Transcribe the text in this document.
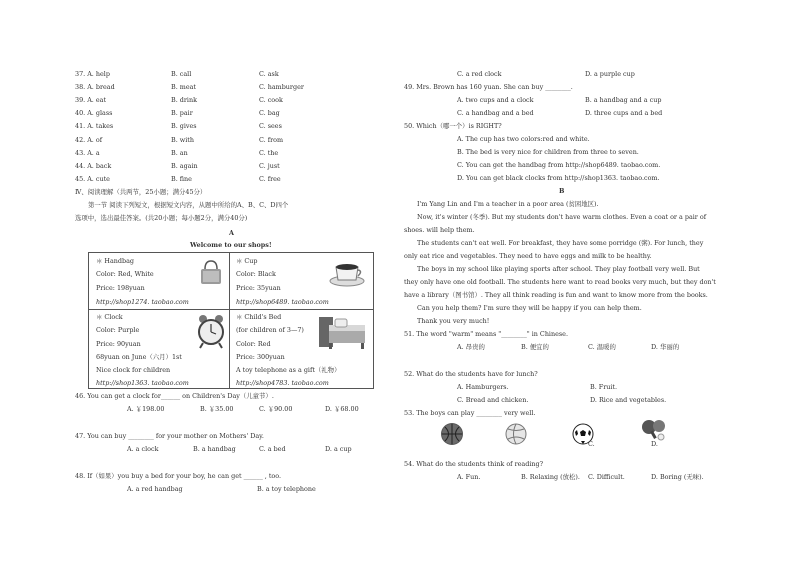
37. A. help	B. call	C. ask
38. A. bread	B. meat	C. hamburger
39. A. eat	B. drink	C. cook
40. A. glass	B. pair	C. bag
41. A. takes	B. gives	C. sees
42. A. of	B. with	C. from
43. A. a	B. an	C. the
44. A. back	B. again	C. just
45. A. cute	B. fine	C. free
Ⅳ、阅读理解（共两节，25小题；满分45分）
第一节 阅读下列短文，根据短文内容，从题中所给的A、B、C、D四个
选项中，选出最佳答案。(共20小题；每小题2分，满分40分)
A
Welcome to our shops!
＊ Handbag
Color: Red, White
Price: 198yuan
http://shop1274. taobao.com
＊ Cup
Color: Black
Price: 35yuan
http://shop6489. taobao.com
＊ Clock
Color: Purple
Price: 90yuan
68yuan on June（六月）1st
Nice clock for children
http://shop1363. taobao.com
＊ Child's Bed
(for children of 3—7)
Color: Red
Price: 300yuan
A toy telephone as a gift（礼物）
http://shop4783. taobao.com
46. You can get a clock for______ on Children's Day（儿童节）.
A. ￥198.00	B. ￥35.00	C. ￥90.00	D. ￥68.00
47. You can buy ________ for your mother on Mothers' Day.
A. a clock	B. a handbag	C. a bed	D. a cup
48. If（如果）you buy a bed for your boy, he can get ______ , too.
A. a red handbag	B. a toy telephone
C. a red clock	D. a purple cup
49. Mrs. Brown has 160 yuan. She can buy ________.
A. two cups and a clock	B. a handbag and a cup
C. a handbag and a bed	D. three cups and a bed
50. Which（哪一个）is RIGHT?
A. The cup has two colors:red and white.
B. The bed is very nice for children from three to seven.
C. You can get the handbag from http://shop6489. taobao.com.
D. You can get black clocks from http://shop1363. taobao.com.
B
I'm Yang Lin and I'm a teacher in a poor area (贫困地区).
Now, it's winter (冬季). But my students don't have warm clothes. Even a coat or a pair of
shoes. will help them.
The students can't eat well. For breakfast, they have some porridge (粥). For lunch, they
only eat rice and vegetables. They need to have eggs and milk to be healthy.
The boys in my school like playing sports after school. They play football very well. But
they only have one old football. The students here want to read books very much, but they don't
have a library（图书馆）. They all think reading is fun and want to know more from the books.
Can you help them? I'm sure they will be happy if you can help them.
Thank you very much!
51. The word "warm" means "________" in Chinese.
A. 昂贵的	B. 便宜的	C. 温暖的	D. 华丽的
52. What do the students have for lunch?
A. Hamburgers.	B. Fruit.
C. Bread and chicken.	D. Rice and vegetables.
53. The boys can play ________ very well.
C.	D.
54. What do the students think of reading?
A. Fun.	B. Relaxing (放松). C. Difficult.	D. Boring (无味).
